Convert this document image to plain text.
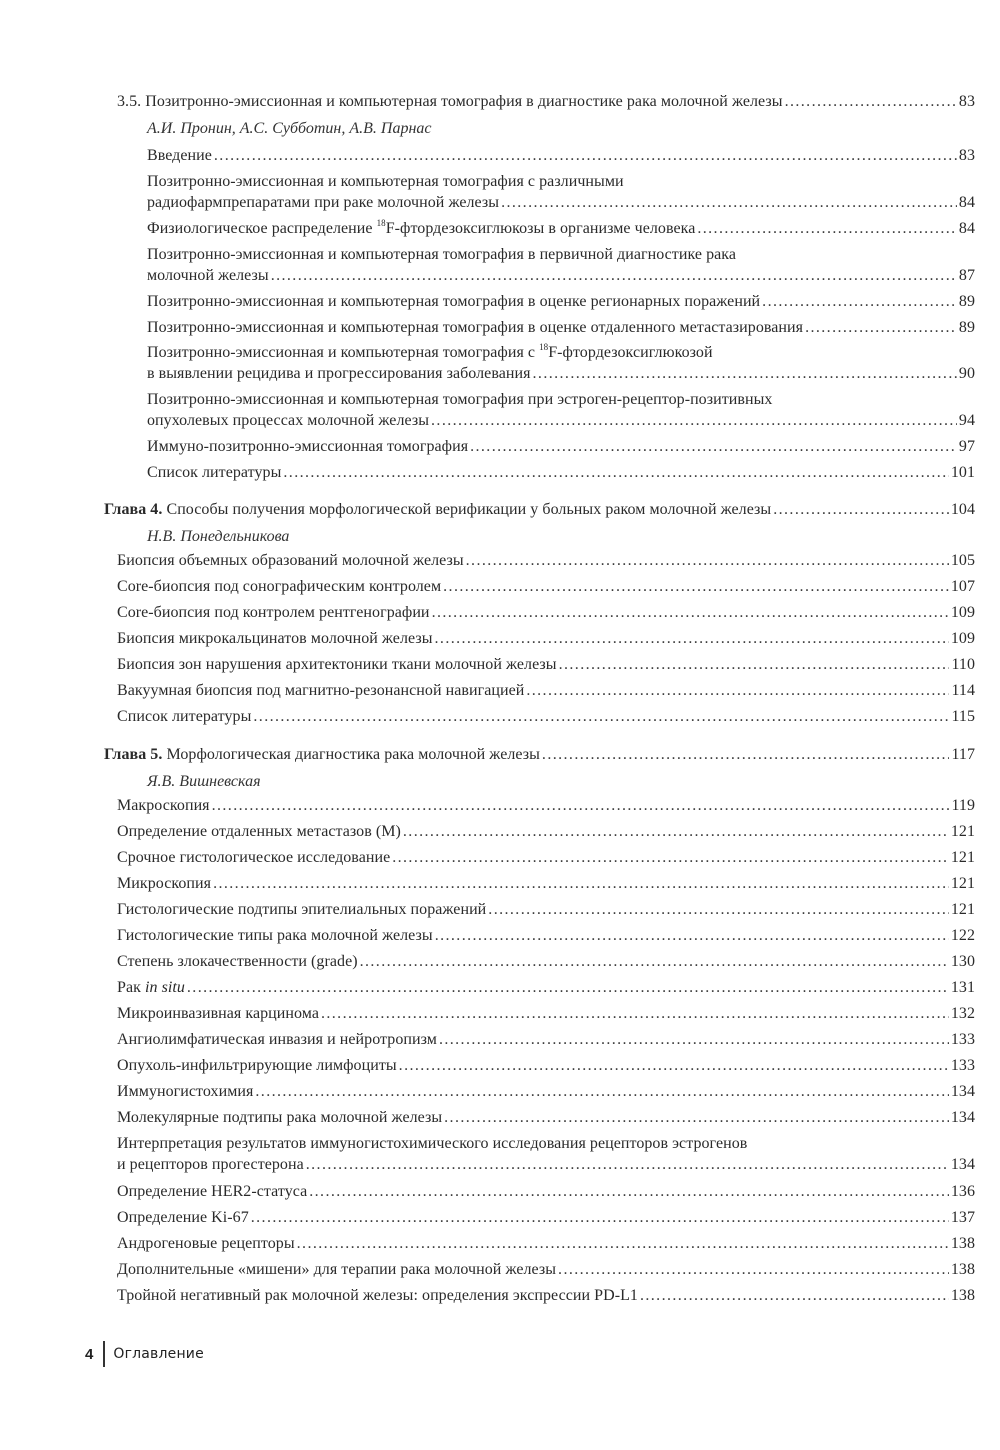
3.5. Позитронно-эмиссионная и компьютерная томография в диагностике рака молочной железы . . .	83
А.И. Пронин, А.С. Субботин, А.В. Парнас
Введение . . .	83
Позитронно-эмиссионная и компьютерная томография с различными
радиофармпрепаратами при раке молочной железы . . .	84
Физиологическое распределение $^{18}$F-фтордезоксиглюкозы в организме человека . . .	84
Позитронно-эмиссионная и компьютерная томография в первичной диагностике рака
молочной железы . . .	87
Позитронно-эмиссионная и компьютерная томография в оценке регионарных поражений . . .	89
Позитронно-эмиссионная и компьютерная томография в оценке отдаленного метастазирования . . .	89
Позитронно-эмиссионная и компьютерная томография с $^{18}$F-фтордезоксиглюкозой
в выявлении рецидива и прогрессирования заболевания . . .	90
Позитронно-эмиссионная и компьютерная томография при эстроген-рецептор-позитивных
опухолевых процессах молочной железы . . .	94
Иммуно-позитронно-эмиссионная томография . . .	97
Список литературы . . .	101
Глава 4. Способы получения морфологической верификации у больных раком молочной железы . . .	104
Н.В. Понедельникова
Биопсия объемных образований молочной железы . . .	105
Core-биопсия под сонографическим контролем . . .	107
Core-биопсия под контролем рентгенографии . . .	109
Биопсия микрокальцинатов молочной железы . . .	109
Биопсия зон нарушения архитектоники ткани молочной железы . . .	110
Вакуумная биопсия под магнитно-резонансной навигацией . . .	114
Список литературы . . .	115
Глава 5. Морфологическая диагностика рака молочной железы . . .	117
Я.В. Вишневская
Макроскопия . . .	119
Определение отдаленных метастазов (M) . . .	121
Срочное гистологическое исследование . . .	121
Микроскопия . . .	121
Гистологические подтипы эпителиальных поражений . . .	121
Гистологические типы рака молочной железы . . .	122
Степень злокачественности (grade) . . .	130
Рак in situ . . .	131
Микроинвазивная карцинома . . .	132
Ангиолимфатическая инвазия и нейротропизм . . .	133
Опухоль-инфильтрирующие лимфоциты . . .	133
Иммуногистохимия . . .	134
Молекулярные подтипы рака молочной железы . . .	134
Интерпретация результатов иммуногистохимического исследования рецепторов эстрогенов
и рецепторов прогестерона . . .	134
Определение HER2-статуса . . .	136
Определение Ki-67 . . .	137
Андрогеновые рецепторы . . .	138
Дополнительные «мишени» для терапии рака молочной железы . . .	138
Тройной негативный рак молочной железы: определения экспрессии PD-L1 . . .	138
4 Оглавление
